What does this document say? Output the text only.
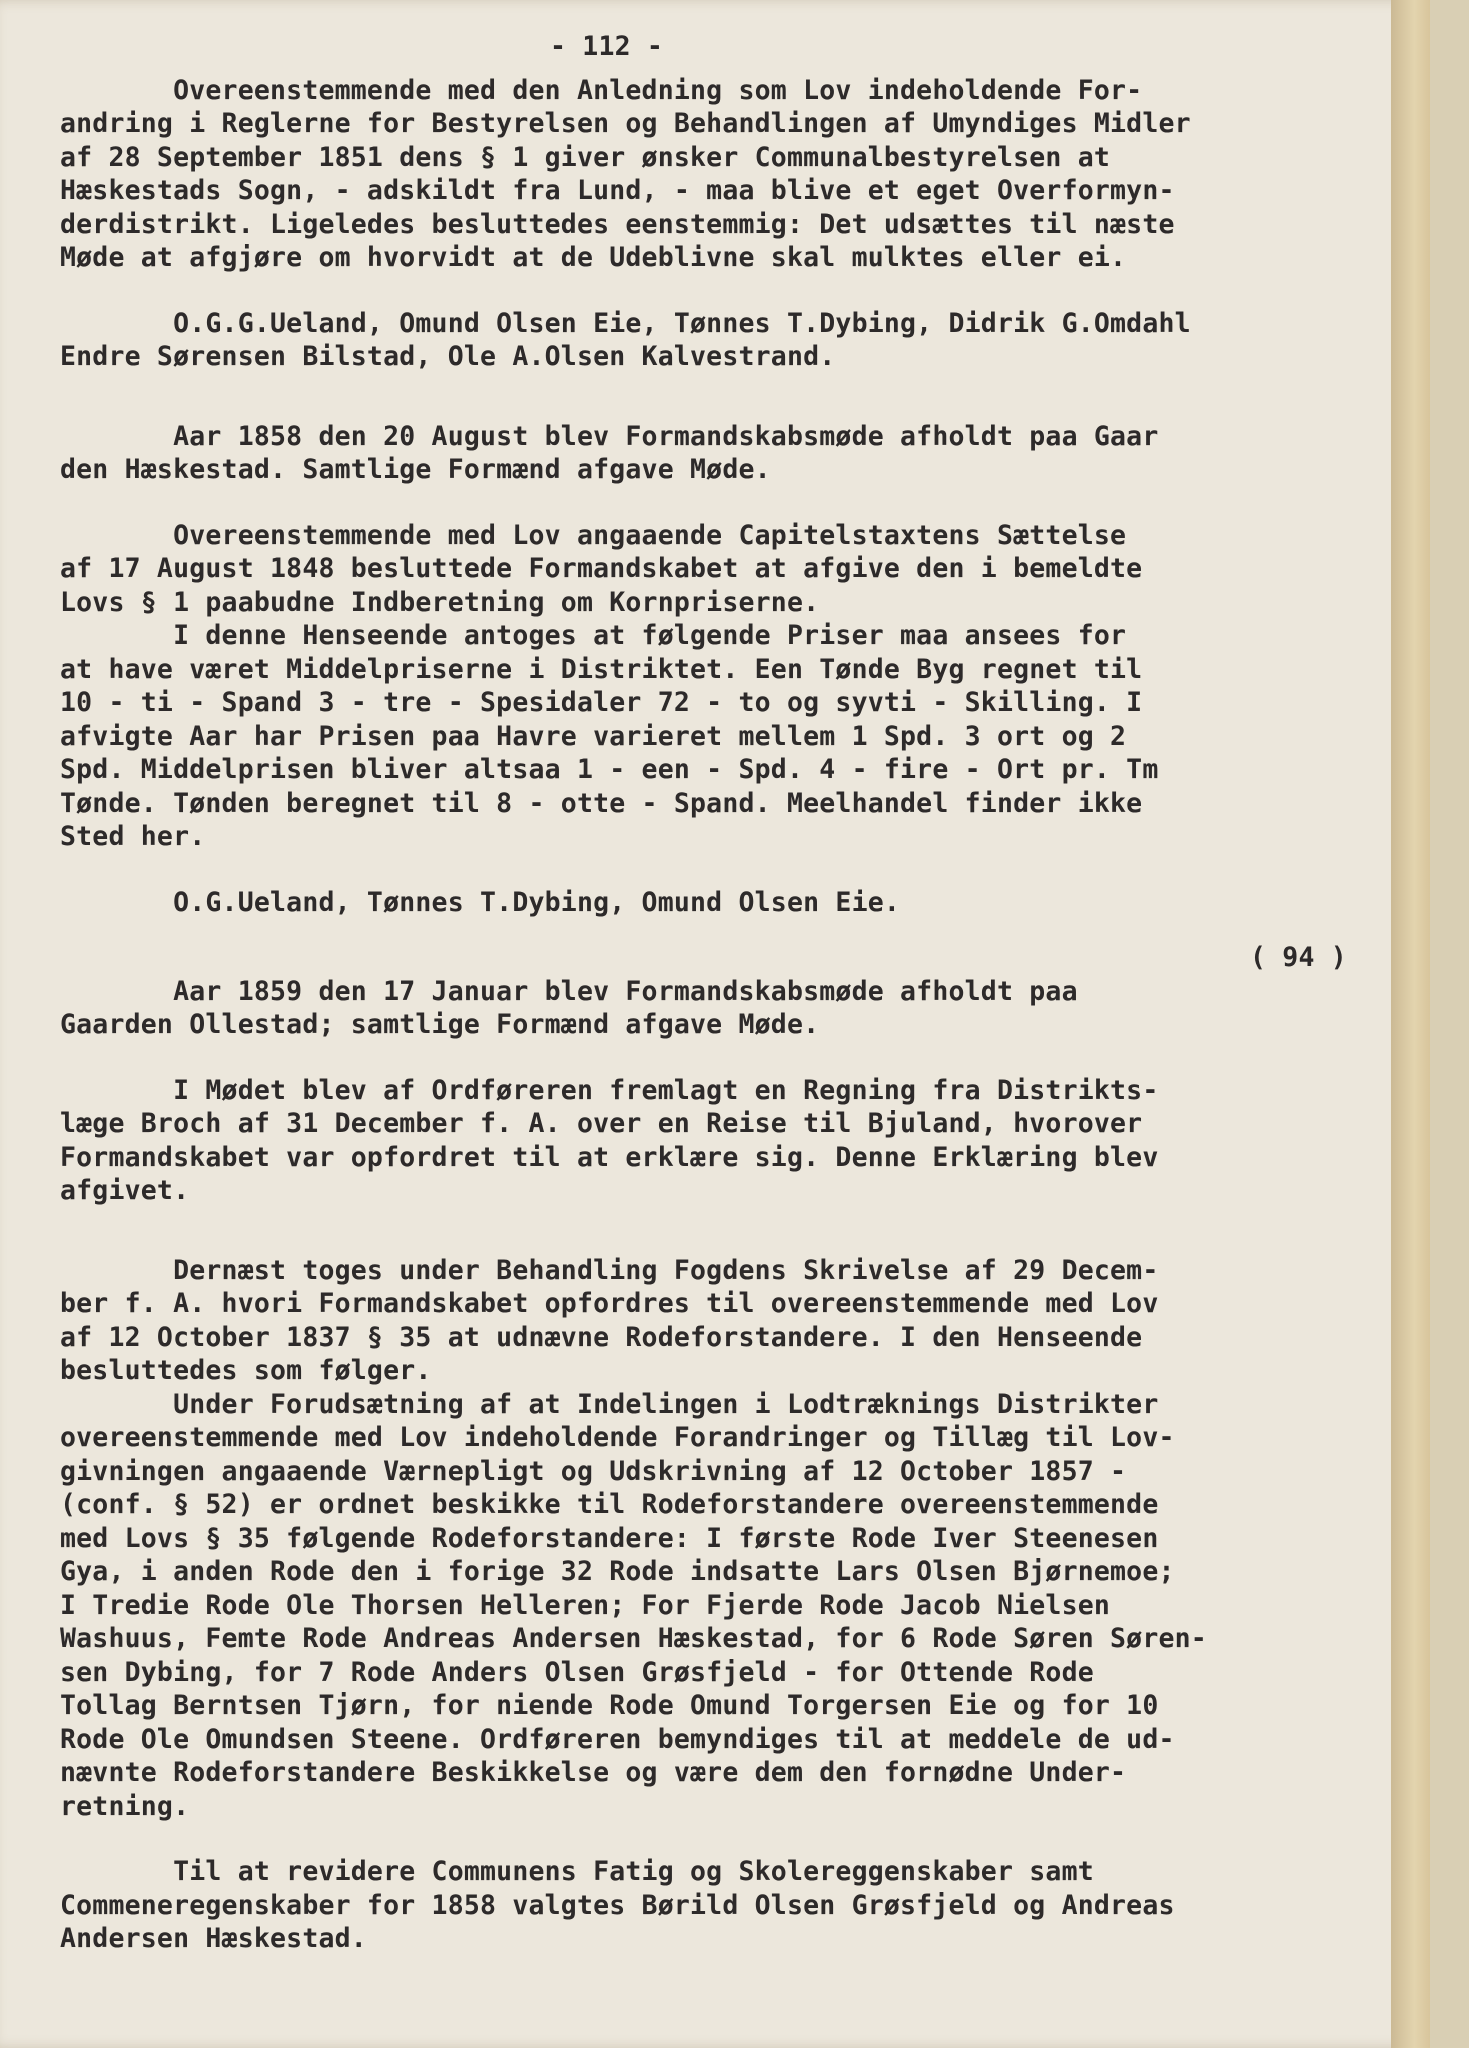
- 112 -
Overeenstemmende med den Anledning som Lov indeholdende For-
andring i Reglerne for Bestyrelsen og Behandlingen af Umyndiges Midler
af 28 September 1851 dens § 1 giver ønsker Communalbestyrelsen at
Hæskestads Sogn, - adskildt fra Lund, - maa blive et eget Overformyn-
derdistrikt. Ligeledes besluttedes eenstemmig: Det udsættes til næste
Møde at afgjøre om hvorvidt at de Udeblivne skal mulktes eller ei.
O.G.G.Ueland, Omund Olsen Eie, Tønnes T.Dybing, Didrik G.Omdahl
Endre Sørensen Bilstad, Ole A.Olsen Kalvestrand.
Aar 1858 den 20 August blev Formandskabsmøde afholdt paa Gaar
den Hæskestad. Samtlige Formænd afgave Møde.
Overeenstemmende med Lov angaaende Capitelstaxtens Sættelse
af 17 August 1848 besluttede Formandskabet at afgive den i bemeldte
Lovs § 1 paabudne Indberetning om Kornpriserne.
I denne Henseende antoges at følgende Priser maa ansees for
at have været Middelpriserne i Distriktet. Een Tønde Byg regnet til
10 - ti - Spand 3 - tre - Spesidaler 72 - to og syvti - Skilling. I
afvigte Aar har Prisen paa Havre varieret mellem 1 Spd. 3 ort og 2
Spd. Middelprisen bliver altsaa 1 - een - Spd. 4 - fire - Ort pr. Tm
Tønde. Tønden beregnet til 8 - otte - Spand. Meelhandel finder ikke
Sted her.
O.G.Ueland, Tønnes T.Dybing, Omund Olsen Eie.
( 94 )
Aar 1859 den 17 Januar blev Formandskabsmøde afholdt paa
Gaarden Ollestad; samtlige Formænd afgave Møde.
I Mødet blev af Ordføreren fremlagt en Regning fra Distrikts-
læge Broch af 31 December f. A. over en Reise til Bjuland, hvorover
Formandskabet var opfordret til at erklære sig. Denne Erklæring blev
afgivet.
Dernæst toges under Behandling Fogdens Skrivelse af 29 Decem-
ber f. A. hvori Formandskabet opfordres til overeenstemmende med Lov
af 12 October 1837 § 35 at udnævne Rodeforstandere. I den Henseende
besluttedes som følger.
Under Forudsætning af at Indelingen i Lodtræknings Distrikter
overeenstemmende med Lov indeholdende Forandringer og Tillæg til Lov-
givningen angaaende Værnepligt og Udskrivning af 12 October 1857 -
(conf. § 52) er ordnet beskikke til Rodeforstandere overeenstemmende
med Lovs § 35 følgende Rodeforstandere: I første Rode Iver Steenesen
Gya, i anden Rode den i forige 32 Rode indsatte Lars Olsen Bjørnemoe;
I Tredie Rode Ole Thorsen Helleren; For Fjerde Rode Jacob Nielsen
Washuus, Femte Rode Andreas Andersen Hæskestad, for 6 Rode Søren Søren-
sen Dybing, for 7 Rode Anders Olsen Grøsfjeld - for Ottende Rode
Tollag Berntsen Tjørn, for niende Rode Omund Torgersen Eie og for 10
Rode Ole Omundsen Steene. Ordføreren bemyndiges til at meddele de ud-
nævnte Rodeforstandere Beskikkelse og være dem den fornødne Under-
retning.
Til at revidere Communens Fatig og Skolereggenskaber samt
Commeneregenskaber for 1858 valgtes Børild Olsen Grøsfjeld og Andreas
Andersen Hæskestad.
